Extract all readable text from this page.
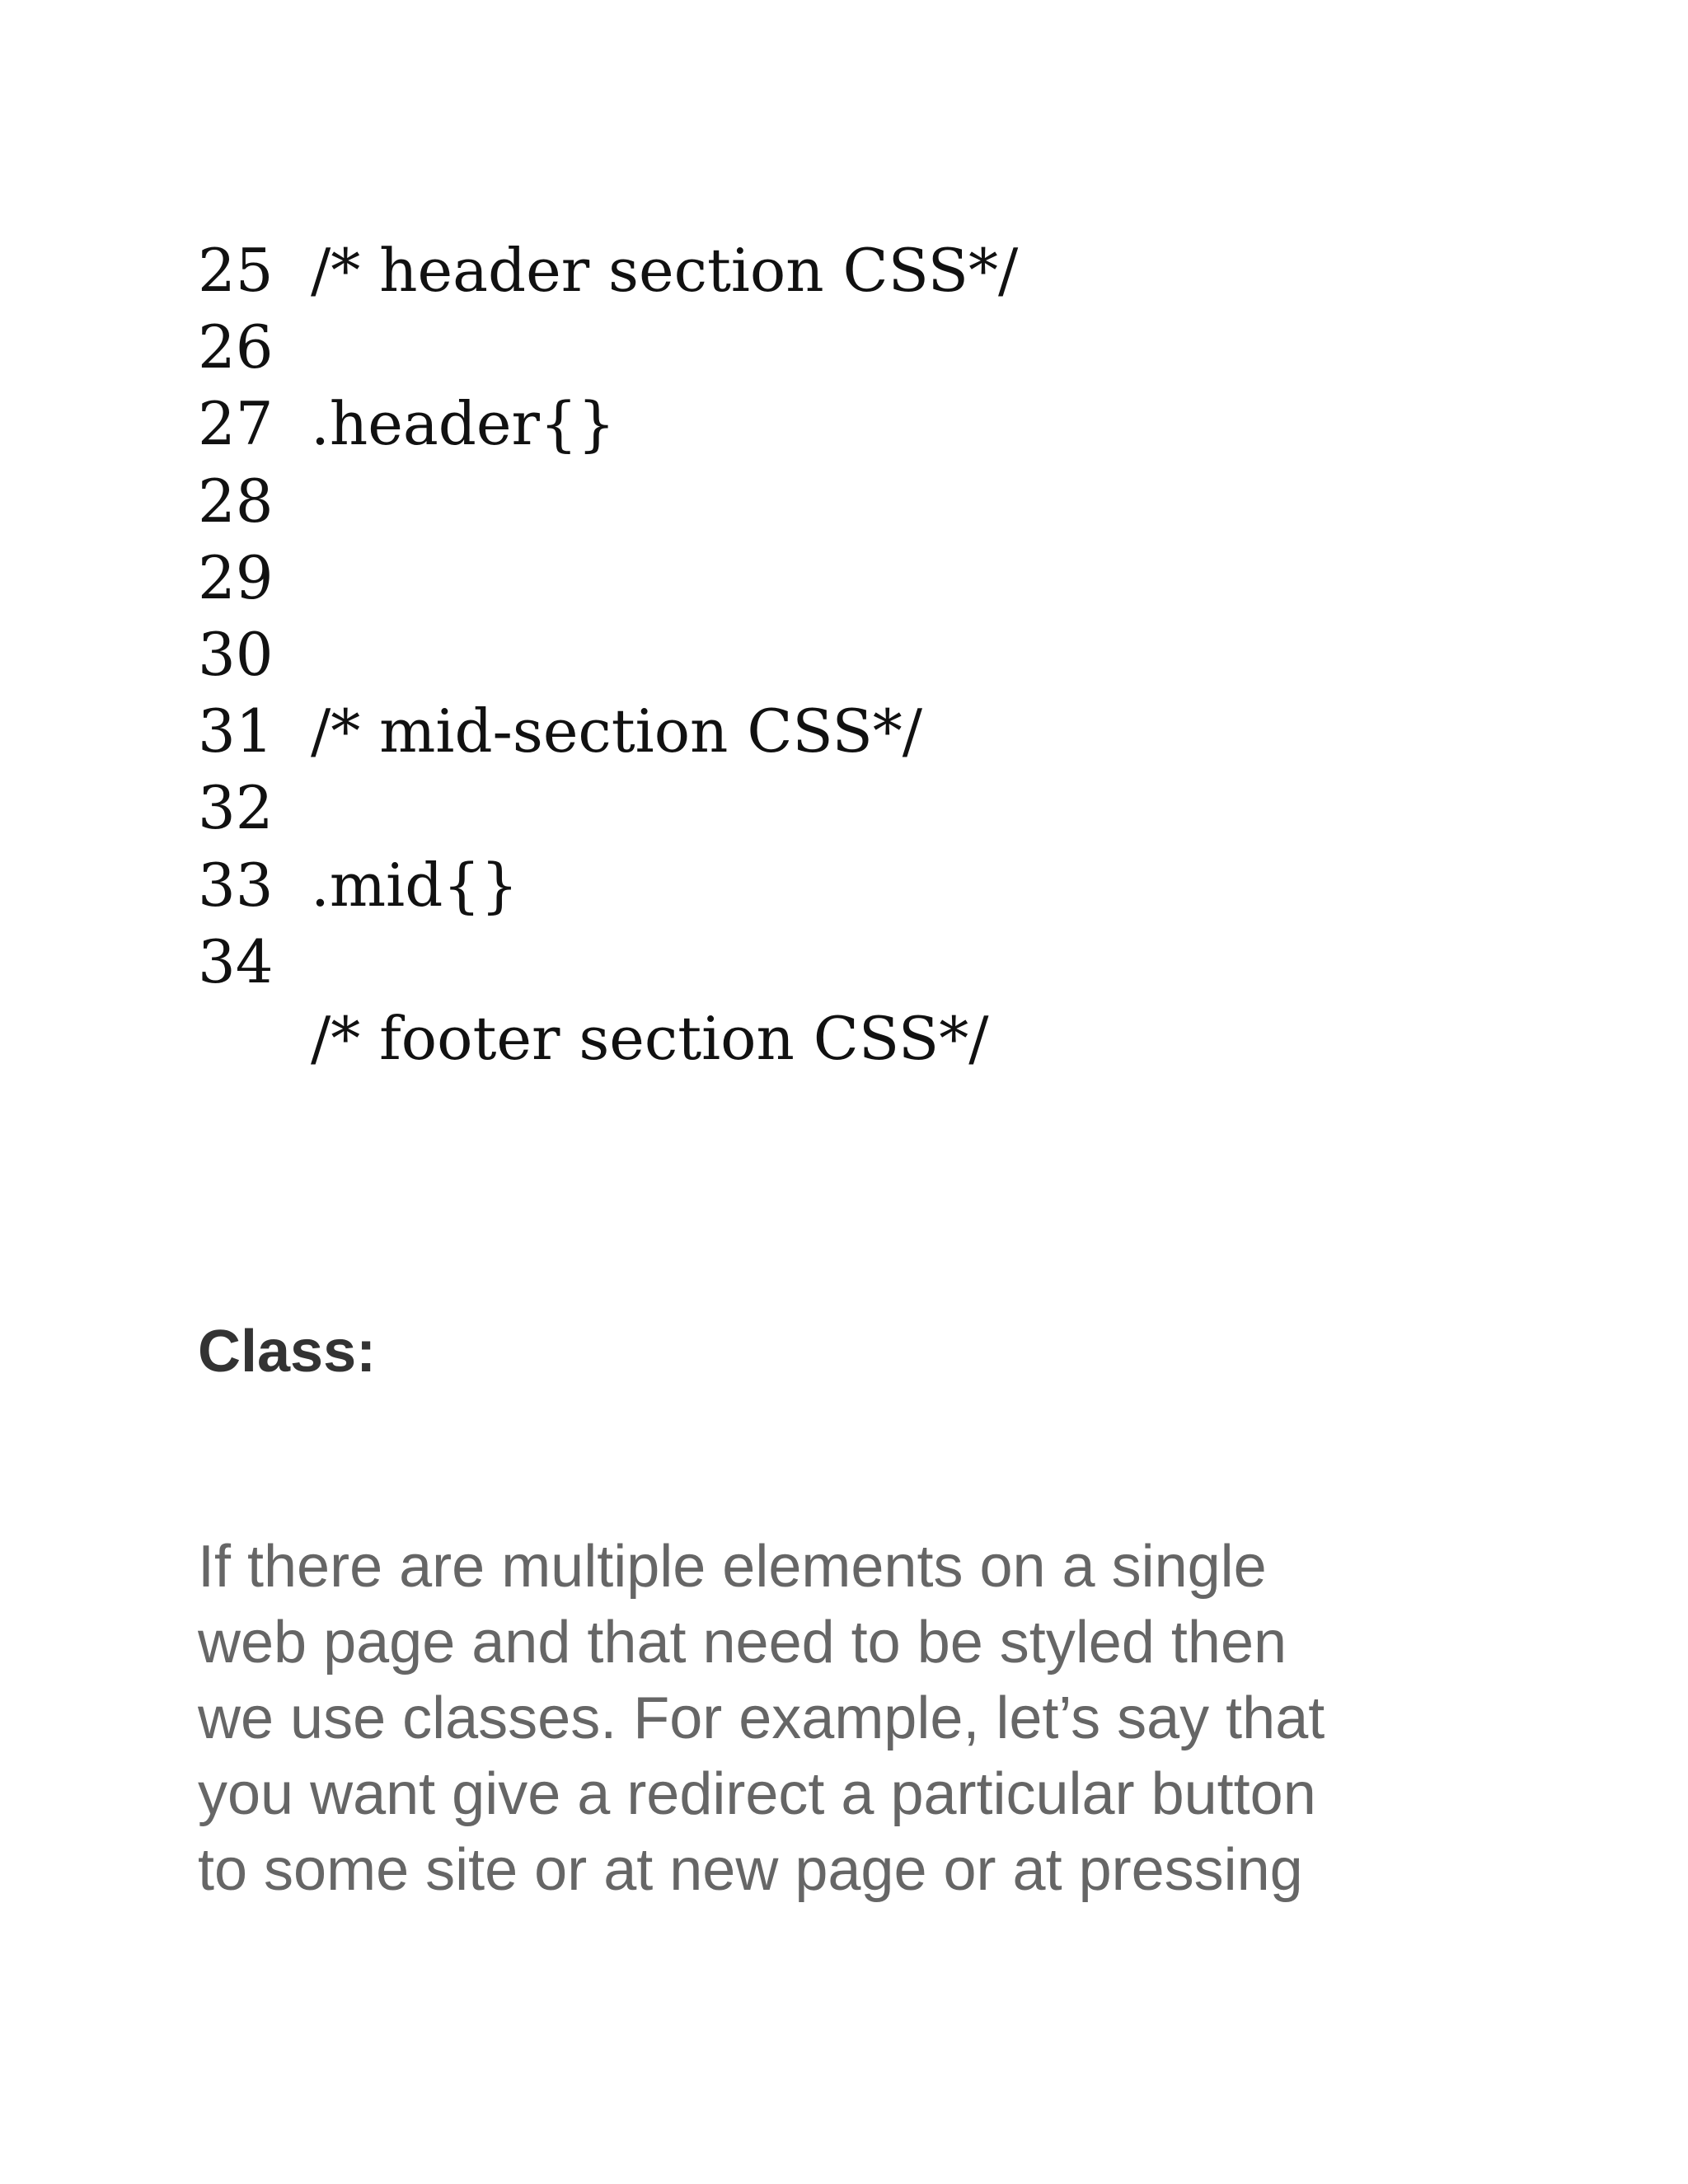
25 /* header section CSS*/
26
27 .header{}
28
29
30
31 /* mid-section CSS*/
32
33 .mid{}
34
/* footer section CSS*/
Class:

If there are multiple elements on a single
web page and that need to be styled then
we use classes. For example, let’s say that
you want give a redirect a particular button
to some site or at new page or at pressing
